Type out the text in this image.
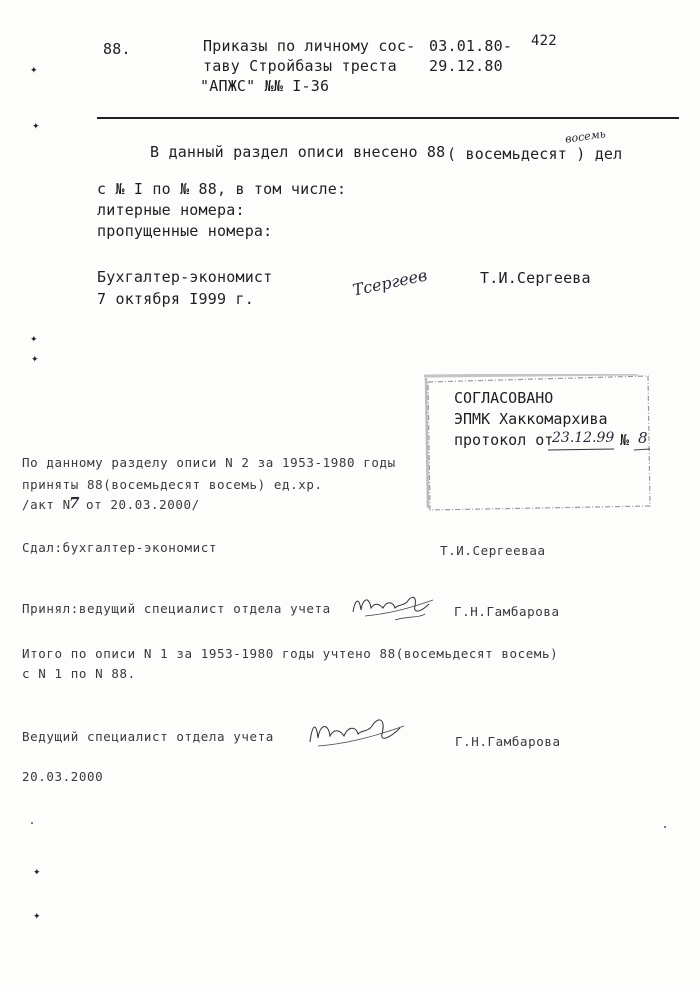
88.	Приказы по личному сос-
таву Стройбазы треста
"АПЖС" №№ I-36
03.01.80-
29.12.80
422
В данный раздел описи внесено 88 ( восемьдесят ) дел
восемь
с № I по № 88, в том числе:
литерные номера:
пропущенные номера:
Бухгалтер-экономист
7 октября I999 г.	Тсергеев	Т.И.Сергеева
СОГЛАСОВАНО
ЭПМК Хаккомархива
протокол от
23.12.99 № 8
По данному разделу описи N 2 за 1953-1980 годы
приняты 88(восемьдесят восемь) ед.хр.
/акт N
7 от 20.03.2000/
Сдал:бухгалтер-экономист	Т.И.Сергееваа
Принял:ведущий специалист отдела учета	Г.Н.Гамбарова
Итого по описи N 1 за 1953-1980 годы учтено 88(восемьдесят восемь)
с N 1 по N 88.
Ведущий специалист отдела учета	Г.Н.Гамбарова
20.03.2000
✦
✦
✦
✦
✦
✦
